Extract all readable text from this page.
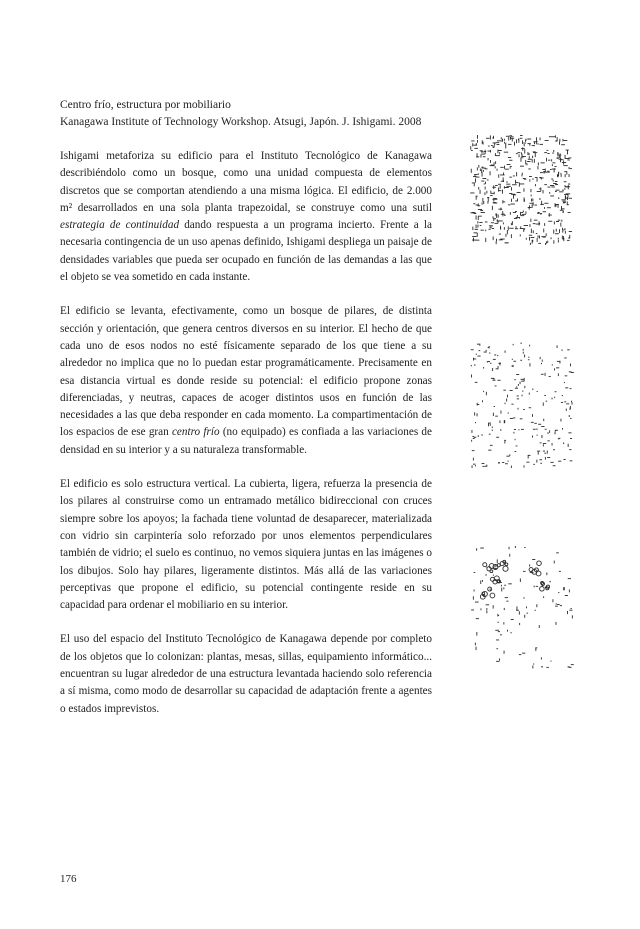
Centro frío, estructura por mobiliario
Kanagawa Institute of Technology Workshop. Atsugi, Japón. J. Ishigami. 2008

Ishigami metaforiza su edificio para el Instituto Tecnológico de Kanagawa describiéndolo como un bosque, como una unidad compuesta de elementos discretos que se comportan atendiendo a una misma lógica. El edificio, de 2.000 m² desarrollados en una sola planta trapezoidal, se construye como una sutil estrategia de continuidad dando respuesta a un programa incierto. Frente a la necesaria contingencia de un uso apenas definido, Ishigami despliega un paisaje de densidades variables que pueda ser ocupado en función de las demandas a las que el objeto se vea sometido en cada instante.

El edificio se levanta, efectivamente, como un bosque de pilares, de distinta sección y orientación, que genera centros diversos en su interior. El hecho de que cada uno de esos nodos no esté físicamente separado de los que tiene a su alrededor no implica que no lo puedan estar programáticamente. Precisamente en esa distancia virtual es donde reside su potencial: el edificio propone zonas diferenciadas, y neutras, capaces de acoger distintos usos en función de las necesidades a las que deba responder en cada momento. La compartimentación de los espacios de ese gran centro frío (no equipado) es confiada a las variaciones de densidad en su interior y a su naturaleza transformable.

El edificio es solo estructura vertical. La cubierta, ligera, refuerza la presencia de los pilares al construirse como un entramado metálico bidireccional con cruces siempre sobre los apoyos; la fachada tiene voluntad de desaparecer, materializada con vidrio sin carpintería solo reforzado por unos elementos perpendiculares también de vidrio; el suelo es continuo, no vemos siquiera juntas en las imágenes o los dibujos. Solo hay pilares, ligeramente distintos. Más allá de las variaciones perceptivas que propone el edificio, su potencial contingente reside en su capacidad para ordenar el mobiliario en su interior.

El uso del espacio del Instituto Tecnológico de Kanagawa depende por completo de los objetos que lo colonizan: plantas, mesas, sillas, equipamiento informático... encuentran su lugar alrededor de una estructura levantada haciendo solo referencia a sí misma, como modo de desarrollar su capacidad de adaptación frente a agentes o estados imprevistos.

176
